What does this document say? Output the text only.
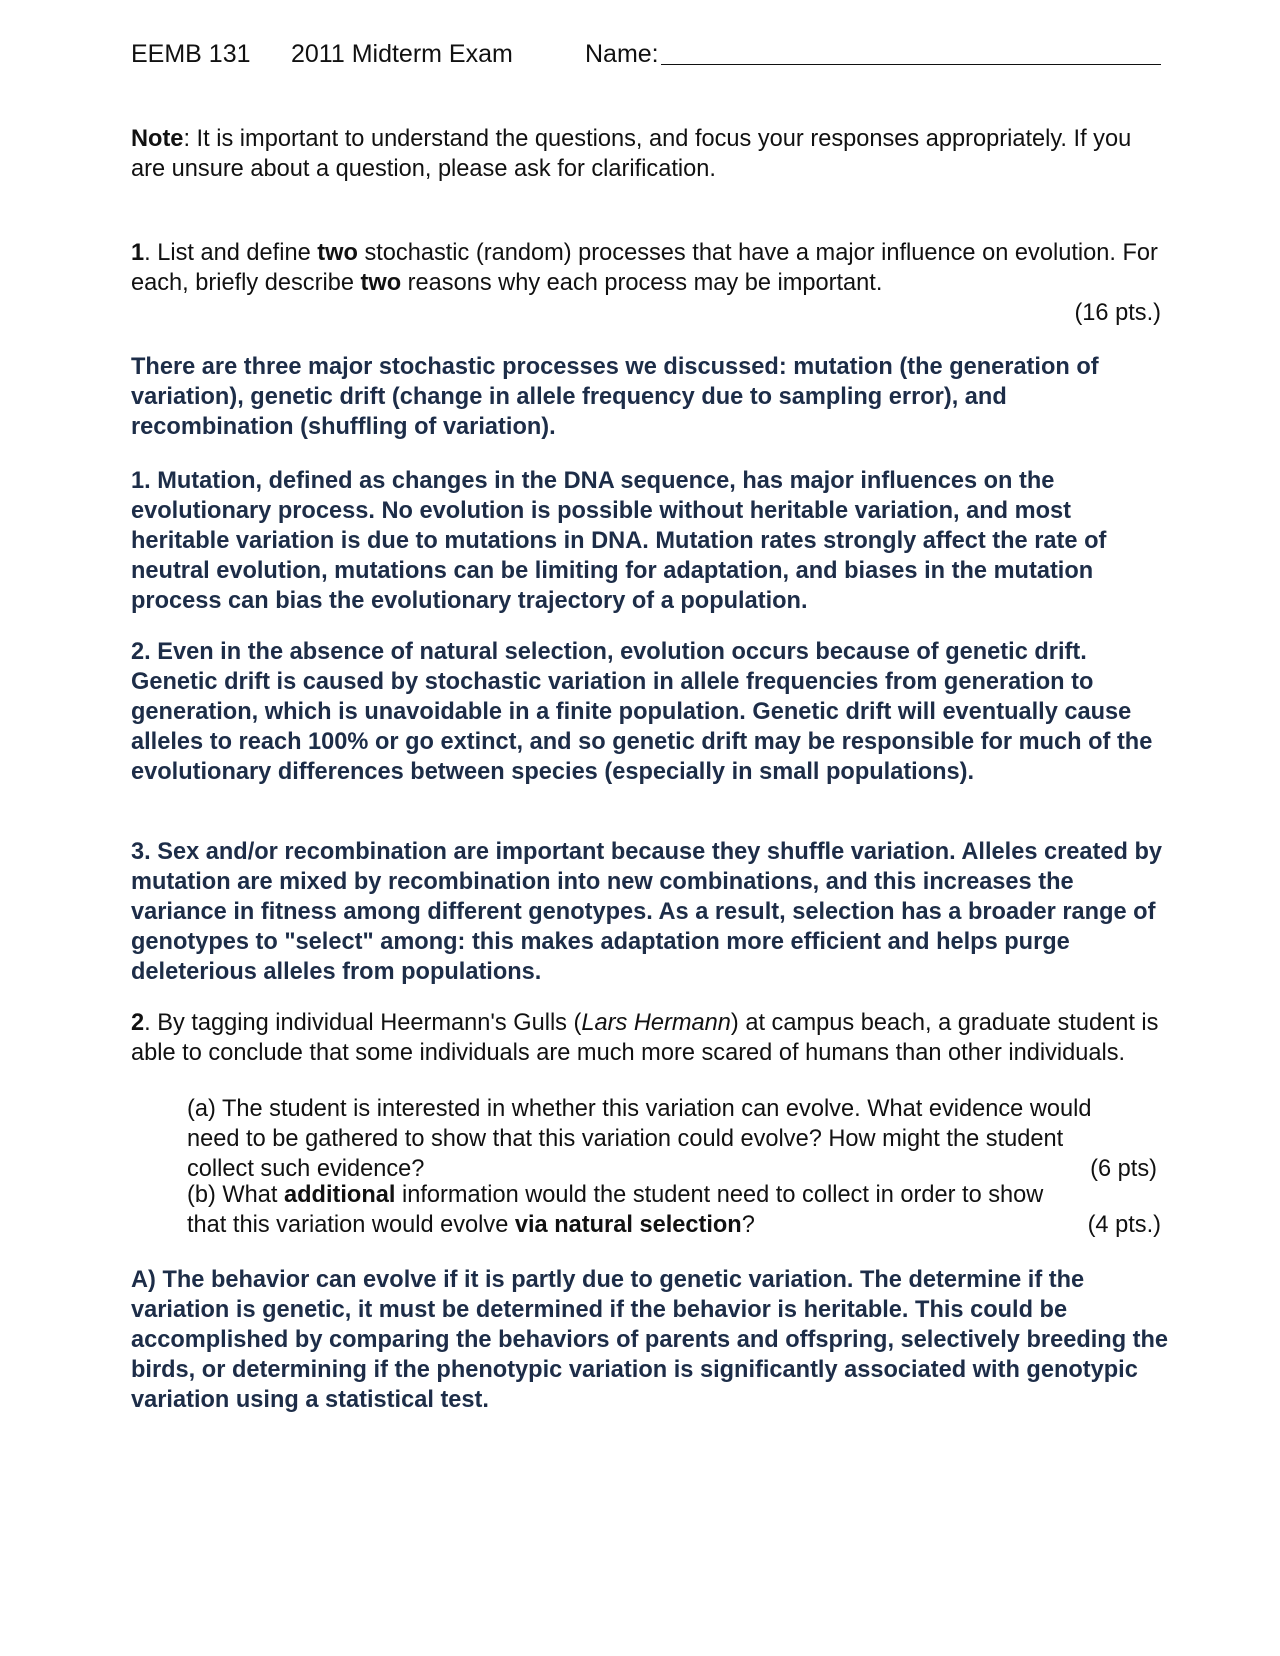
EEMB 131 2011 Midterm Exam	Name:

Note: It is important to understand the questions, and focus your responses appropriately. If you are unsure about a question, please ask for clarification.

1. List and define two stochastic (random) processes that have a major influence on evolution. For each, briefly describe two reasons why each process may be important.

(16 pts.)

There are three major stochastic processes we discussed: mutation (the generation of variation), genetic drift (change in allele frequency due to sampling error), and recombination (shuffling of variation).

1. Mutation, defined as changes in the DNA sequence, has major influences on the evolutionary process. No evolution is possible without heritable variation, and most heritable variation is due to mutations in DNA. Mutation rates strongly affect the rate of neutral evolution, mutations can be limiting for adaptation, and biases in the mutation process can bias the evolutionary trajectory of a population.

2. Even in the absence of natural selection, evolution occurs because of genetic drift. Genetic drift is caused by stochastic variation in allele frequencies from generation to generation, which is unavoidable in a finite population. Genetic drift will eventually cause alleles to reach 100% or go extinct, and so genetic drift may be responsible for much of the evolutionary differences between species (especially in small populations).

3. Sex and/or recombination are important because they shuffle variation. Alleles created by mutation are mixed by recombination into new combinations, and this increases the variance in fitness among different genotypes. As a result, selection has a broader range of genotypes to "select" among: this makes adaptation more efficient and helps purge deleterious alleles from populations.

2. By tagging individual Heermann's Gulls (Lars Hermann) at campus beach, a graduate student is able to conclude that some individuals are much more scared of humans than other individuals.

(a) The student is interested in whether this variation can evolve. What evidence would
need to be gathered to show that this variation could evolve? How might the student
collect such evidence?	(6 pts)
(b) What additional information would the student need to collect in order to show
that this variation would evolve via natural selection?	(4 pts.)

A) The behavior can evolve if it is partly due to genetic variation. The determine if the variation is genetic, it must be determined if the behavior is heritable. This could be accomplished by comparing the behaviors of parents and offspring, selectively breeding the birds, or determining if the phenotypic variation is significantly associated with genotypic variation using a statistical test.
